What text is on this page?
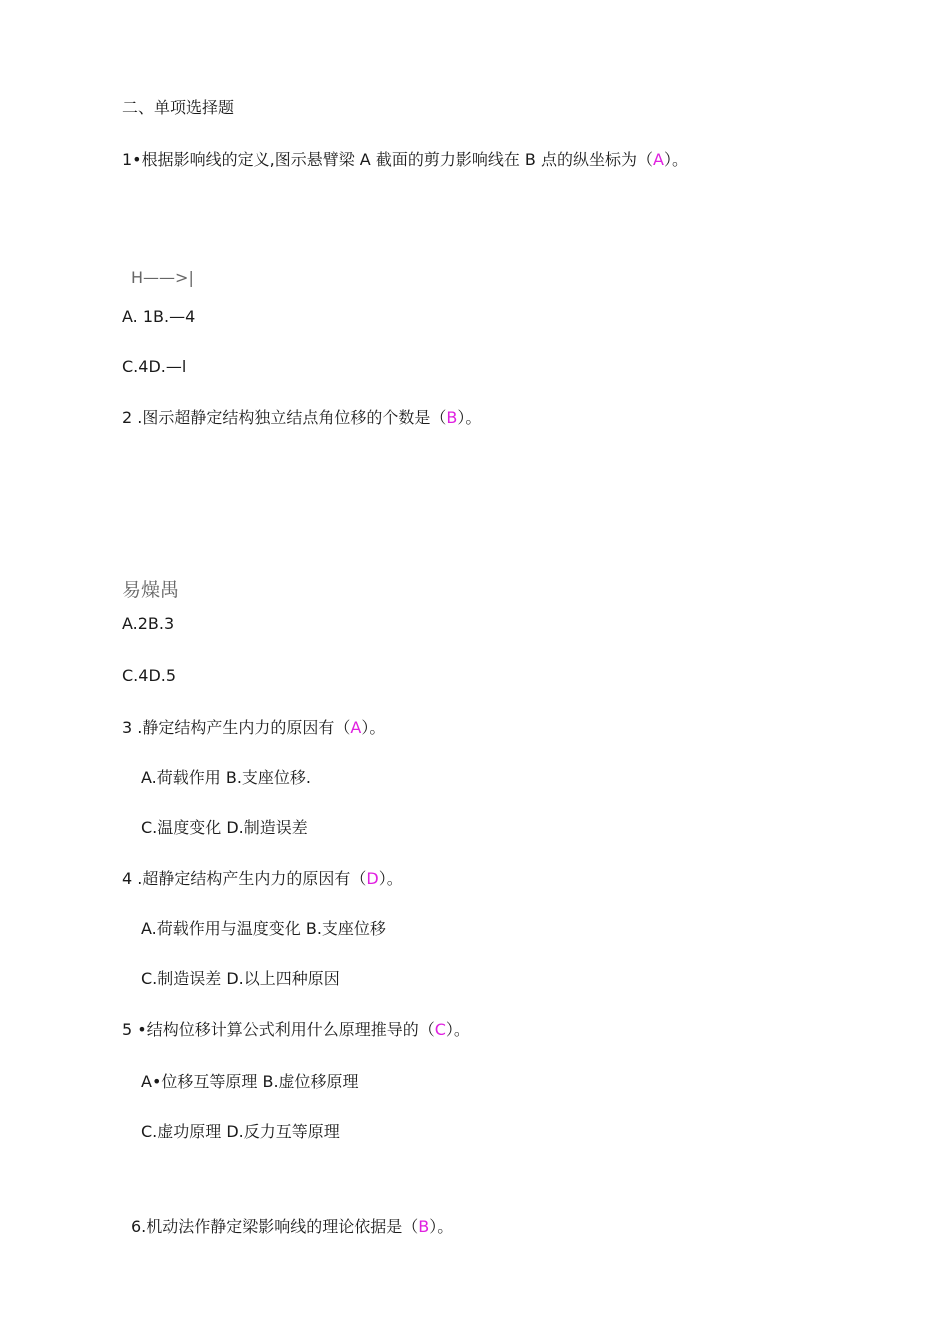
二、单项选择题
1•根据影响线的定义,图示悬臂梁 A 截面的剪力影响线在 B 点的纵坐标为（A）。
H——>|
A. 1B.—4
C.4D.—l
2 .图示超静定结构独立结点角位移的个数是（B）。
易燥禺
A.2B.3
C.4D.5
3 .静定结构产生内力的原因有（A）。
A.荷载作用 B.支座位移.
C.温度变化 D.制造误差
4 .超静定结构产生内力的原因有（D）。
A.荷载作用与温度变化 B.支座位移
C.制造误差 D.以上四种原因
5 •结构位移计算公式利用什么原理推导的（C）。
A•位移互等原理 B.虚位移原理
C.虚功原理 D.反力互等原理
6.机动法作静定梁影响线的理论依据是（B）。
